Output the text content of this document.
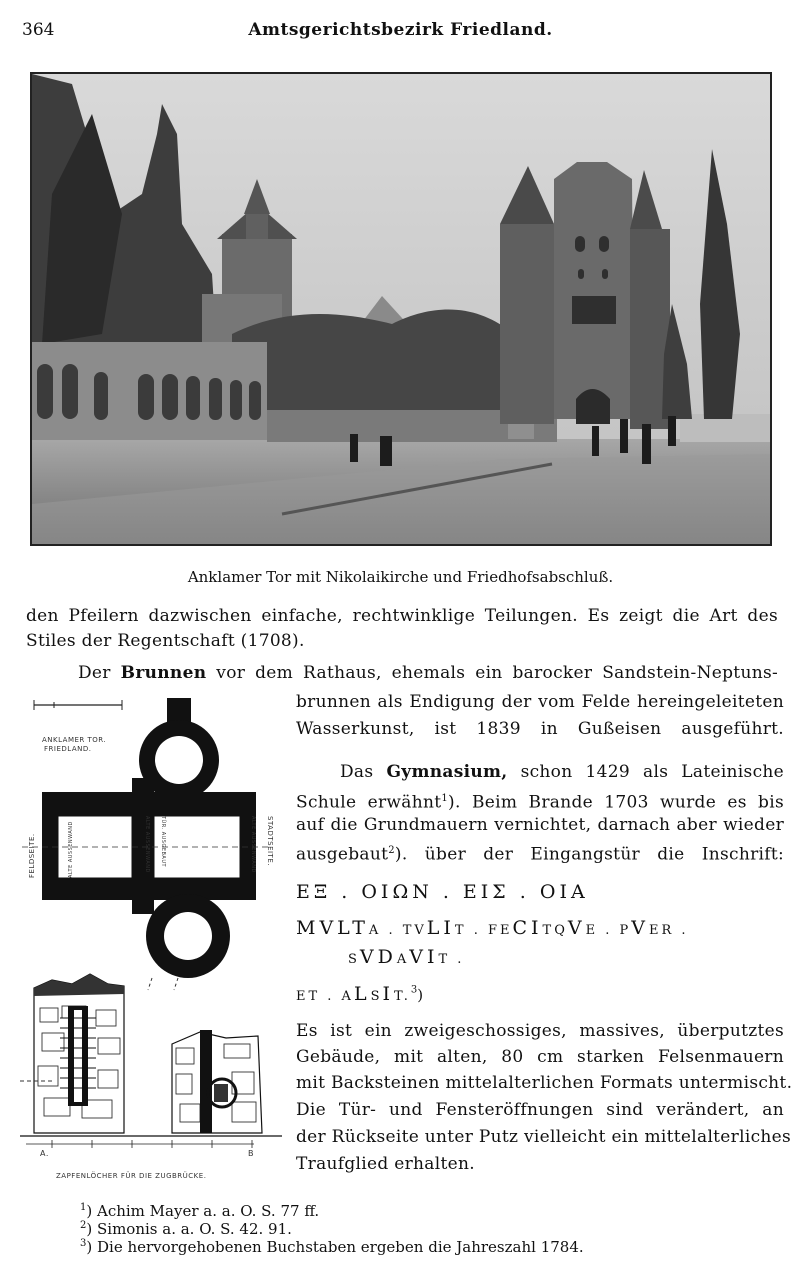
364	Amtsgerichtsbezirk Friedland.
Anklamer Tor mit Nikolaikirche und Friedhofsabschluß.
den Pfeilern dazwischen einfache, rechtwinklige Teilungen. Es zeigt die Art des
Stiles der Regentschaft (1708).
Der Brunnen vor dem Rathaus, ehemals ein barocker Sandstein-Neptuns-
brunnen als Endigung der vom Felde hereingeleiteten
Wasserkunst, ist 1839 in Gußeisen ausgeführt.
Das Gymnasium, schon 1429 als Lateinische
Schule erwähnt$^1$). Beim Brande 1703 wurde es bis
auf die Grundmauern vernichtet, darnach aber wieder
ausgebaut$^2$). über der Eingangstür die Inschrift:
ΕΞ . ΟΙΩΝ . ΕΙΣ . ΟΙΑ
MVLTA . TVLIT . FECITQVE . PVER .
SVDAVIT .
ET . ALSIT.$^3$)
Es ist ein zweigeschossiges, massives, überputztes
Gebäude, mit alten, 80 cm starken Felsenmauern
mit Backsteinen mittelalterlichen Formats untermischt.
Die Tür- und Fensteröffnungen sind verändert, an
der Rückseite unter Putz vielleicht ein mittelalterliches
Traufglied erhalten.
ANKLAMER TOR.
FRIEDLAND.
FELDSEITE.	STADTSEITE.
ALTE AUSSENWAND	ALTE AUSSENWAND TÜR. AUSGEBAUT	ALTE AUSSENWAND
A.	B
ZAPFENLÖCHER FÜR DIE ZUGBRÜCKE.
$^1$) Achim Mayer a. a. O. S. 77 ff.
$^2$) Simonis a. a. O. S. 42. 91.
$^3$) Die hervorgehobenen Buchstaben ergeben die Jahreszahl 1784.
